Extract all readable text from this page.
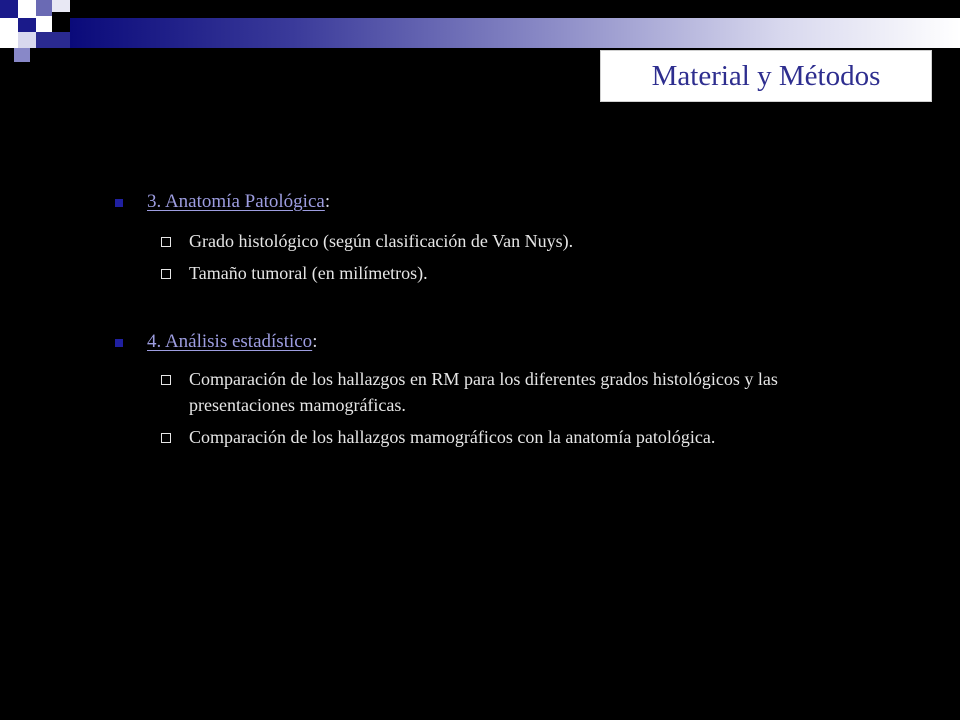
Material y Métodos
3. Anatomía Patológica:
Grado histológico (según clasificación de Van Nuys).
Tamaño tumoral (en milímetros).
4. Análisis estadístico:
Comparación de los hallazgos en RM para los diferentes grados histológicos y las presentaciones mamográficas.
Comparación de los hallazgos mamográficos con la anatomía patológica.
